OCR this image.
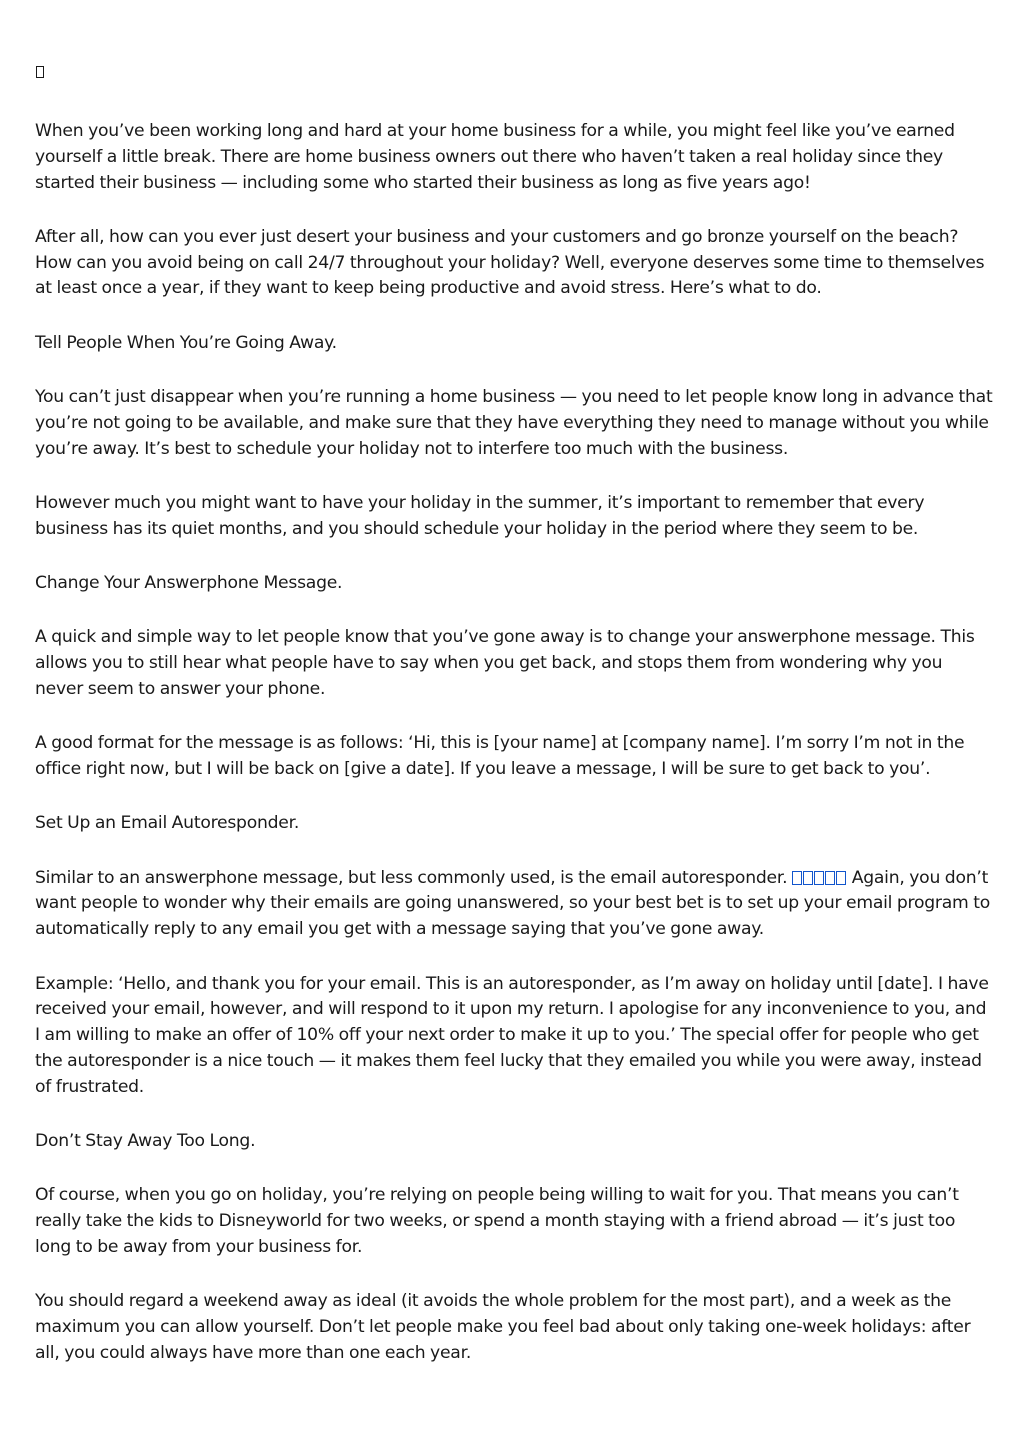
When you’ve been working long and hard at your home business for a while, you might feel like you’ve earned yourself a little break. There are home business owners out there who haven’t taken a real holiday since they started their business — including some who started their business as long as five years ago!

After all, how can you ever just desert your business and your customers and go bronze yourself on the beach? How can you avoid being on call 24/7 throughout your holiday? Well, everyone deserves some time to themselves at least once a year, if they want to keep being productive and avoid stress. Here’s what to do.

Tell People When You’re Going Away.

You can’t just disappear when you’re running a home business — you need to let people know long in advance that you’re not going to be available, and make sure that they have everything they need to manage without you while you’re away. It’s best to schedule your holiday not to interfere too much with the business.

However much you might want to have your holiday in the summer, it’s important to remember that every business has its quiet months, and you should schedule your holiday in the period where they seem to be.

Change Your Answerphone Message.

A quick and simple way to let people know that you’ve gone away is to change your answerphone message. This allows you to still hear what people have to say when you get back, and stops them from wondering why you never seem to answer your phone.

A good format for the message is as follows: ‘Hi, this is [your name] at [company name]. I’m sorry I’m not in the office right now, but I will be back on [give a date]. If you leave a message, I will be sure to get back to you’.

Set Up an Email Autoresponder.

Similar to an answerphone message, but less commonly used, is the email autoresponder.	Again, you don’t want people to wonder why their emails are going unanswered, so your best bet is to set up your email program to automatically reply to any email you get with a message saying that you’ve gone away.

Example: ‘Hello, and thank you for your email. This is an autoresponder, as I’m away on holiday until [date]. I have received your email, however, and will respond to it upon my return. I apologise for any inconvenience to you, and I am willing to make an offer of 10% off your next order to make it up to you.’ The special offer for people who get the autoresponder is a nice touch — it makes them feel lucky that they emailed you while you were away, instead of frustrated.

Don’t Stay Away Too Long.

Of course, when you go on holiday, you’re relying on people being willing to wait for you. That means you can’t really take the kids to Disneyworld for two weeks, or spend a month staying with a friend abroad — it’s just too long to be away from your business for.

You should regard a weekend away as ideal (it avoids the whole problem for the most part), and a week as the maximum you can allow yourself. Don’t let people make you feel bad about only taking one-week holidays: after all, you could always have more than one each year.
